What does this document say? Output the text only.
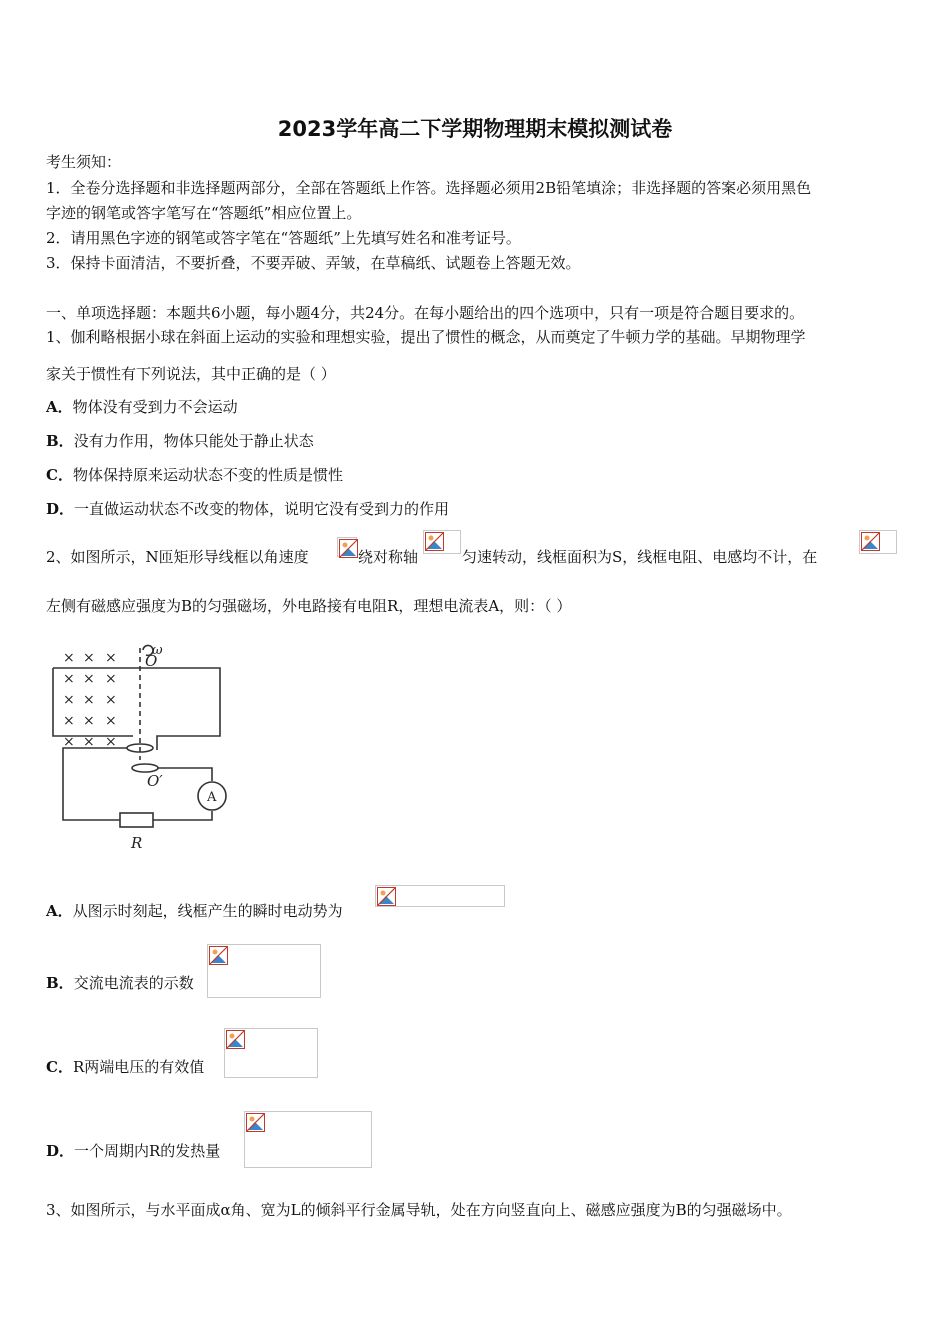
2023学年高二下学期物理期末模拟测试卷
考生须知：
1．全卷分选择题和非选择题两部分，全部在答题纸上作答。选择题必须用2B铅笔填涂；非选择题的答案必须用黑色
字迹的钢笔或答字笔写在“答题纸”相应位置上。
2．请用黑色字迹的钢笔或答字笔在“答题纸”上先填写姓名和准考证号。
3．保持卡面清洁，不要折叠，不要弄破、弄皱，在草稿纸、试题卷上答题无效。
一、单项选择题：本题共6小题，每小题4分，共24分。在每小题给出的四个选项中，只有一项是符合题目要求的。
1、伽利略根据小球在斜面上运动的实验和理想实验，提出了惯性的概念，从而奠定了牛顿力学的基础。早期物理学
家关于惯性有下列说法，其中正确的是（ ）
A．物体没有受到力不会运动
B．没有力作用，物体只能处于静止状态
C．物体保持原来运动状态不变的性质是惯性
D．一直做运动状态不改变的物体，说明它没有受到力的作用
2、如图所示，N匝矩形导线框以角速度	绕对称轴	匀速转动，线框面积为S，线框电阻、电感均不计，在
左侧有磁感应强度为B的匀强磁场，外电路接有电阻R，理想电流表A，则：（ ）
× × ×
× × ×
× × ×
× × ×
× × ×
ω
O
O′
A
R
A．从图示时刻起，线框产生的瞬时电动势为
B．交流电流表的示数
C．R两端电压的有效值
D．一个周期内R的发热量
3、如图所示，与水平面成α角、宽为L的倾斜平行金属导轨，处在方向竖直向上、磁感应强度为B的匀强磁场中。
